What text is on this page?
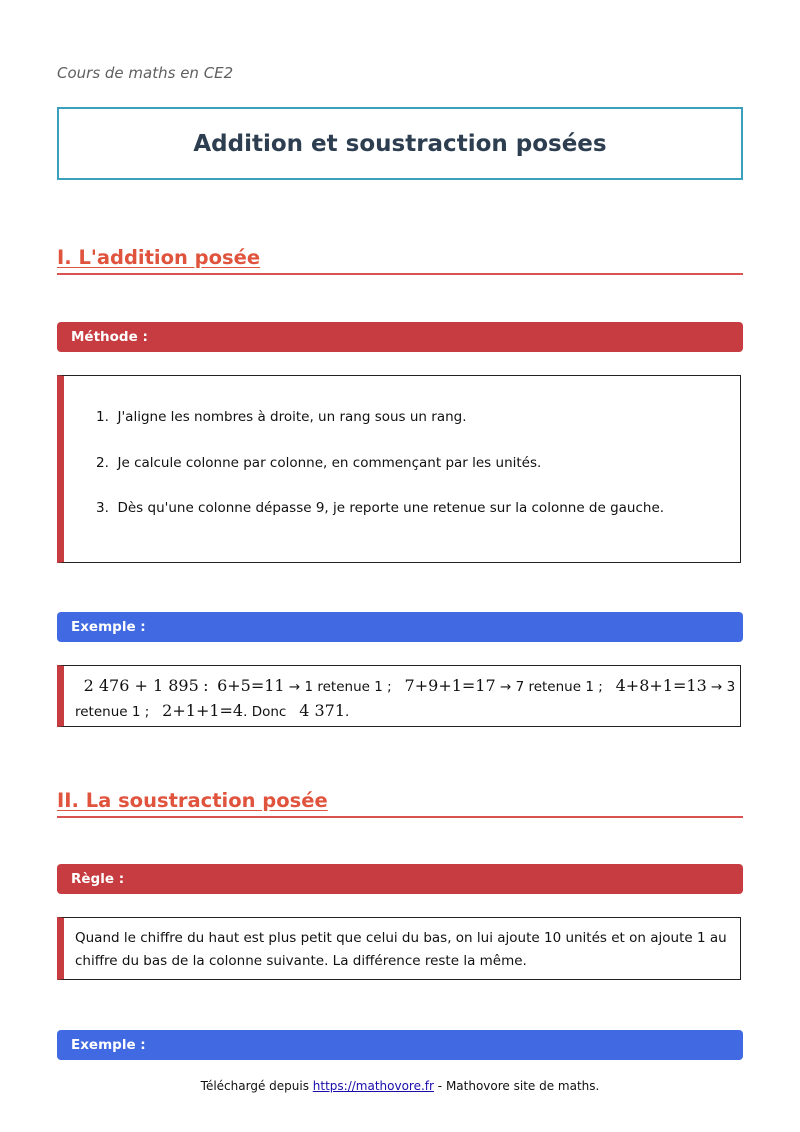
Cours de maths en CE2
Addition et soustraction posées
I. L'addition posée
Méthode :
1. J'aligne les nombres à droite, un rang sous un rang.
2. Je calcule colonne par colonne, en commençant par les unités.
3. Dès qu'une colonne dépasse 9, je reporte une retenue sur la colonne de gauche.
Exemple :
2 476 + 1 895 : 6+5=11 → 1 retenue 1 ; 7+9+1=17 → 7 retenue 1 ; 4+8+1=13 → 3
retenue 1 ; 2+1+1=4. Donc 4 371.
II. La soustraction posée
Règle :
Quand le chiffre du haut est plus petit que celui du bas, on lui ajoute 10 unités et on ajoute 1 au
chiffre du bas de la colonne suivante. La différence reste la même.
Exemple :
Téléchargé depuis https://mathovore.fr - Mathovore site de maths.
